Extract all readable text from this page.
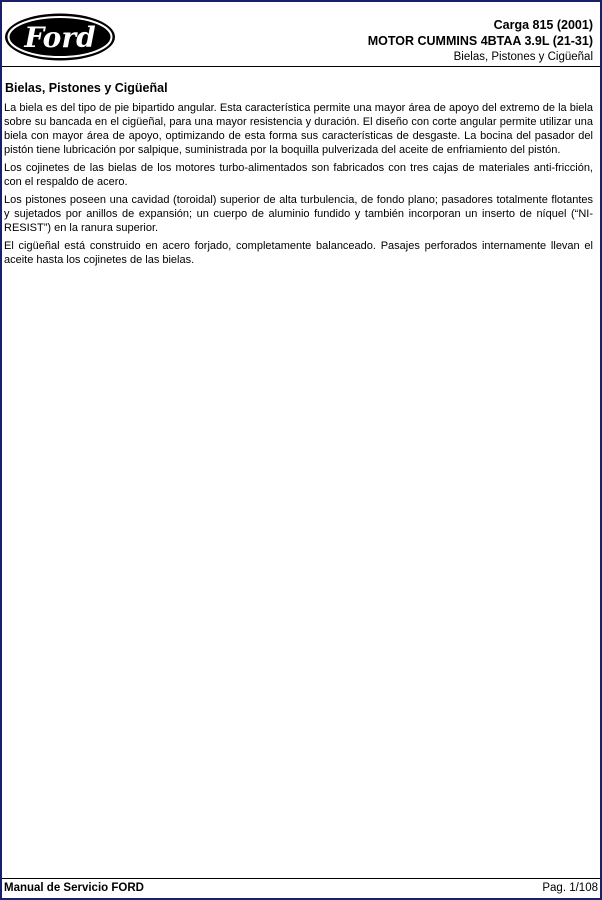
Ford	Carga 815 (2001)
MOTOR CUMMINS 4BTAA 3.9L (21-31)
Bielas, Pistones y Cigüeñal
Bielas, Pistones y Cigüeñal

La biela es del tipo de pie bipartido angular. Esta característica permite una mayor área de apoyo del extremo de la biela sobre su bancada en el cigüeñal, para una mayor resistencia y duración. El diseño con corte angular permite utilizar una biela con mayor área de apoyo, optimizando de esta forma sus características de desgaste. La bocina del pasador del pistón tiene lubricación por salpique, suministrada por la boquilla pulverizada del aceite de enfriamiento del pistón.

Los cojinetes de las bielas de los motores turbo-alimentados son fabricados con tres cajas de materiales anti-fricción, con el respaldo de acero.

Los pistones poseen una cavidad (toroidal) superior de alta turbulencia, de fondo plano; pasadores totalmente flotantes y sujetados por anillos de expansión; un cuerpo de aluminio fundido y también incorporan un inserto de níquel (“NI-RESIST”) en la ranura superior.

El cigüeñal está construido en acero forjado, completamente balanceado. Pasajes perforados internamente llevan el aceite hasta los cojinetes de las bielas.

Manual de Servicio FORD	Pag. 1/108
